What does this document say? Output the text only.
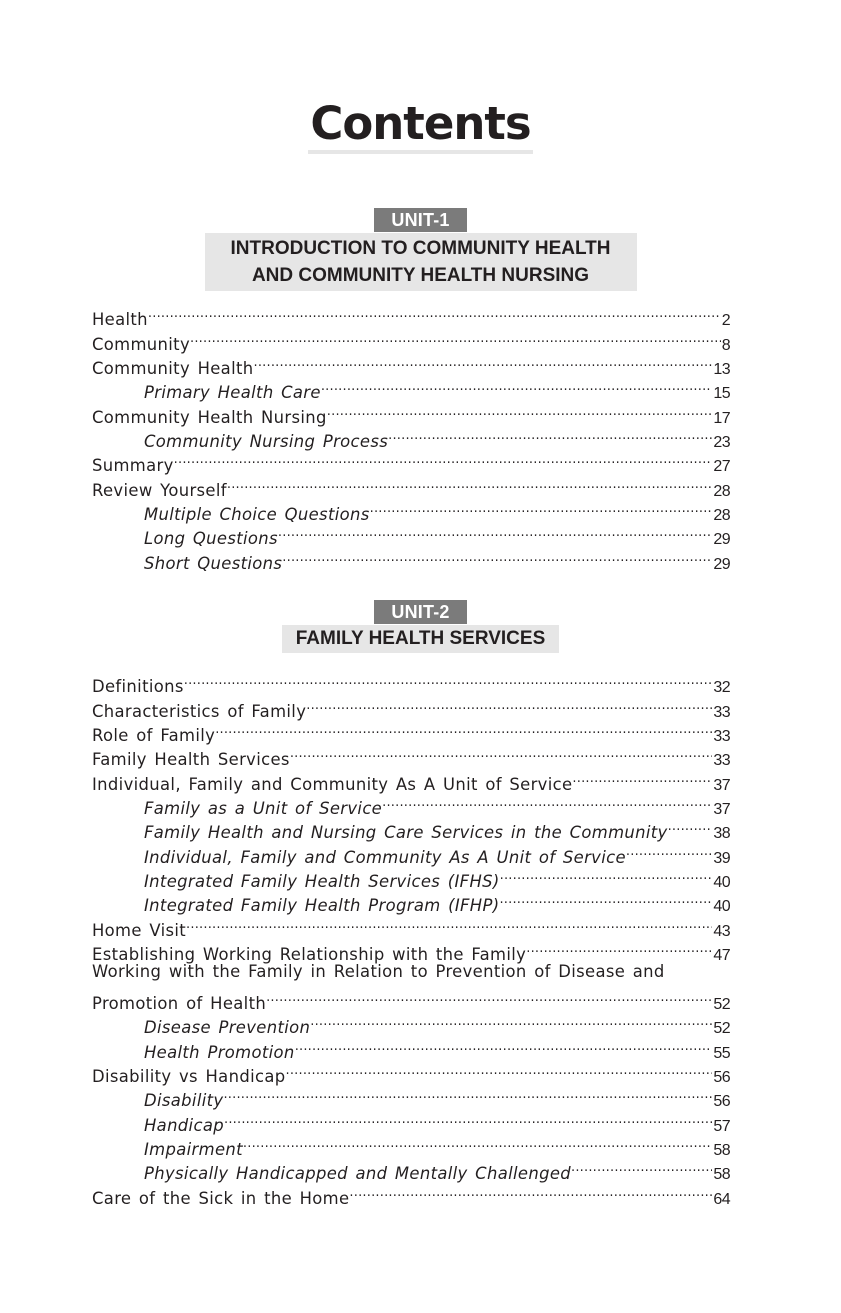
Contents
UNIT-1
INTRODUCTION TO COMMUNITY HEALTH
AND COMMUNITY HEALTH NURSING
Health .....	2
Community .....	8
Community Health .....	13
Primary Health Care .....	15
Community Health Nursing .....	17
Community Nursing Process .....	23
Summary .....	27
Review Yourself .....	28
Multiple Choice Questions .....	28
Long Questions .....	29
Short Questions .....	29
UNIT-2
FAMILY HEALTH SERVICES
Definitions .....	32
Characteristics of Family .....	33
Role of Family .....	33
Family Health Services .....	33
Individual, Family and Community As A Unit of Service .....	37
Family as a Unit of Service .....	37
Family Health and Nursing Care Services in the Community .....	38
Individual, Family and Community As A Unit of Service .....	39
Integrated Family Health Services (IFHS) .....	40
Integrated Family Health Program (IFHP) .....	40
Home Visit .....	43
Establishing Working Relationship with the Family .....	47
Working with the Family in Relation to Prevention of Disease and
Promotion of Health .....	52
Disease Prevention .....	52
Health Promotion .....	55
Disability vs Handicap .....	56
Disability .....	56
Handicap .....	57
Impairment .....	58
Physically Handicapped and Mentally Challenged .....	58
Care of the Sick in the Home .....	64
